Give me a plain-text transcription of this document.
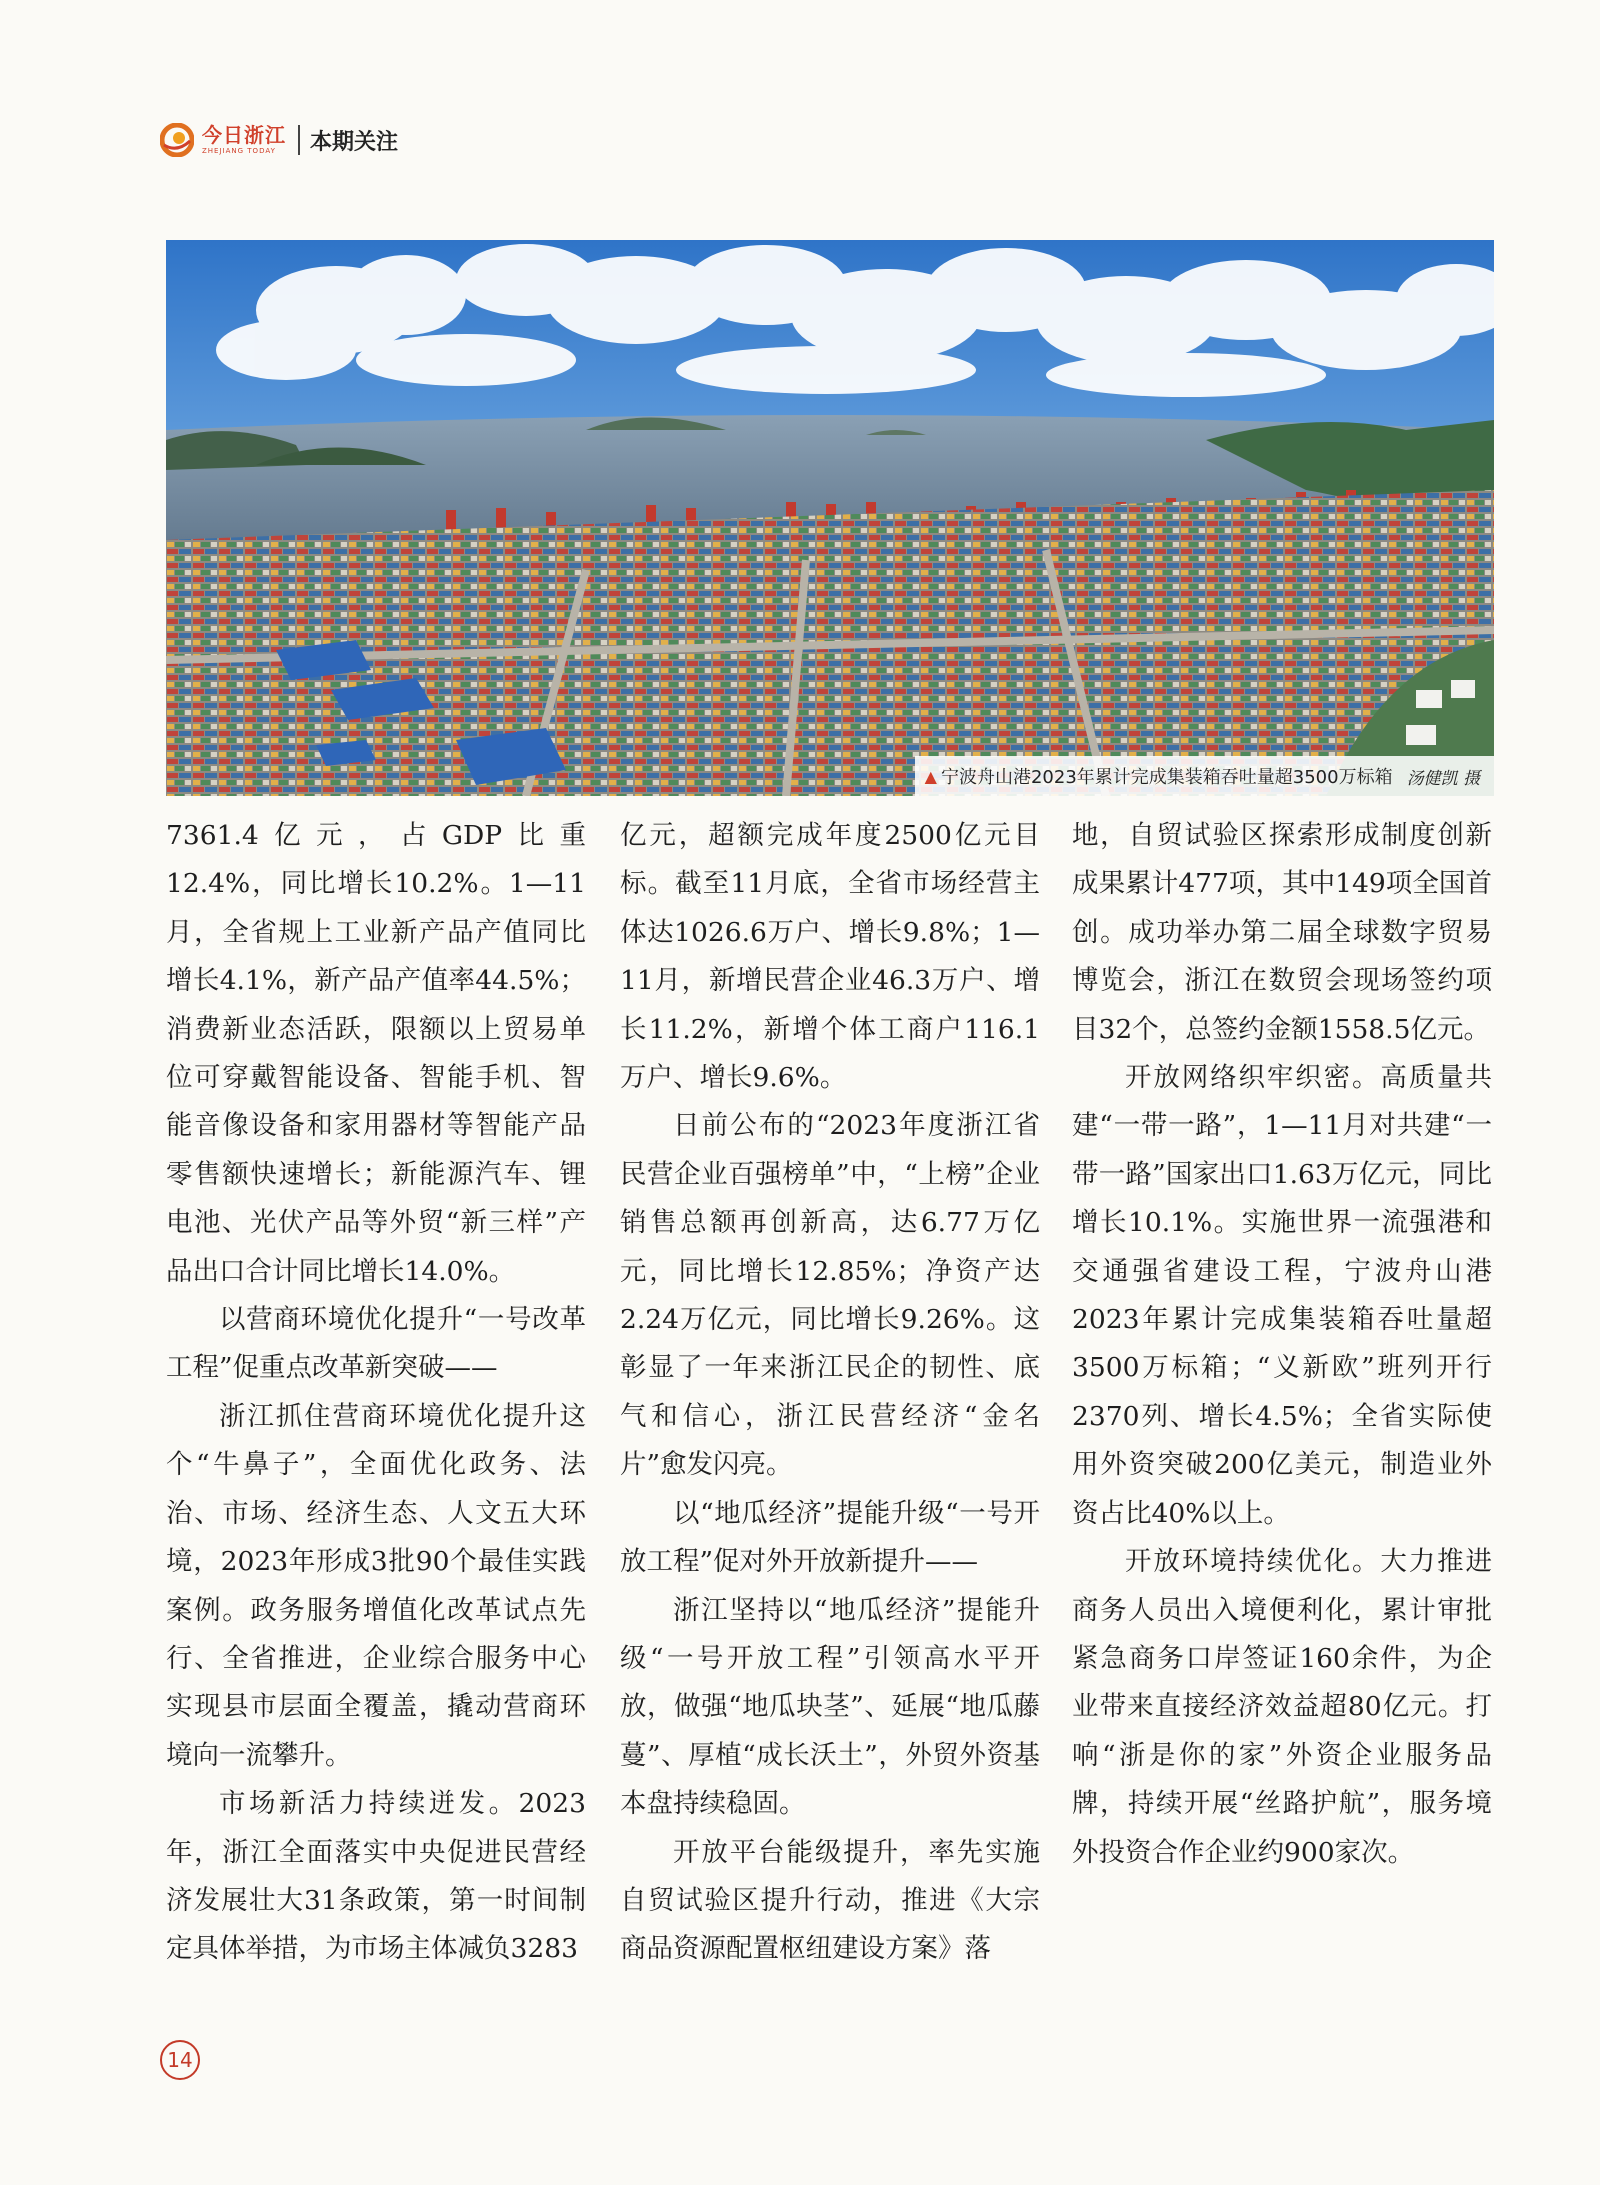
今日浙江
ZHEJIANG TODAY	本期关注
▲ 宁波舟山港2023年累计完成集装箱吞吐量超3500万标箱 汤健凯 摄

7361.4亿元，占GDP比重12.4%，同比增长10.2%。1—11月，全省规上工业新产品产值同比增长4.1%，新产品产值率44.5%；消费新业态活跃，限额以上贸易单位可穿戴智能设备、智能手机、智能音像设备和家用器材等智能产品零售额快速增长；新能源汽车、锂电池、光伏产品等外贸“新三样”产品出口合计同比增长14.0%。

以营商环境优化提升“一号改革工程”促重点改革新突破——

浙江抓住营商环境优化提升这个“牛鼻子”，全面优化政务、法治、市场、经济生态、人文五大环境，2023年形成3批90个最佳实践案例。政务服务增值化改革试点先行、全省推进，企业综合服务中心实现县市层面全覆盖，撬动营商环境向一流攀升。

市场新活力持续迸发。2023年，浙江全面落实中央促进民营经济发展壮大31条政策，第一时间制定具体举措，为市场主体减负3283

亿元，超额完成年度2500亿元目标。截至11月底，全省市场经营主体达1026.6万户、增长9.8%；1—11月，新增民营企业46.3万户、增长11.2%，新增个体工商户116.1万户、增长9.6%。

日前公布的“2023年度浙江省民营企业百强榜单”中，“上榜”企业销售总额再创新高，达6.77万亿元，同比增长12.85%；净资产达2.24万亿元，同比增长9.26%。这彰显了一年来浙江民企的韧性、底气和信心，浙江民营经济“金名片”愈发闪亮。

以“地瓜经济”提能升级“一号开放工程”促对外开放新提升——

浙江坚持以“地瓜经济”提能升级“一号开放工程”引领高水平开放，做强“地瓜块茎”、延展“地瓜藤蔓”、厚植“成长沃土”，外贸外资基本盘持续稳固。

开放平台能级提升，率先实施自贸试验区提升行动，推进《大宗商品资源配置枢纽建设方案》落

地，自贸试验区探索形成制度创新成果累计477项，其中149项全国首创。成功举办第二届全球数字贸易博览会，浙江在数贸会现场签约项目32个，总签约金额1558.5亿元。

开放网络织牢织密。高质量共建“一带一路”，1—11月对共建“一带一路”国家出口1.63万亿元，同比增长10.1%。实施世界一流强港和交通强省建设工程，宁波舟山港2023年累计完成集装箱吞吐量超3500万标箱；“义新欧”班列开行2370列、增长4.5%；全省实际使用外资突破200亿美元，制造业外资占比40%以上。

开放环境持续优化。大力推进商务人员出入境便利化，累计审批紧急商务口岸签证160余件，为企业带来直接经济效益超80亿元。打响“浙是你的家”外资企业服务品牌，持续开展“丝路护航”，服务境外投资合作企业约900家次。

14
